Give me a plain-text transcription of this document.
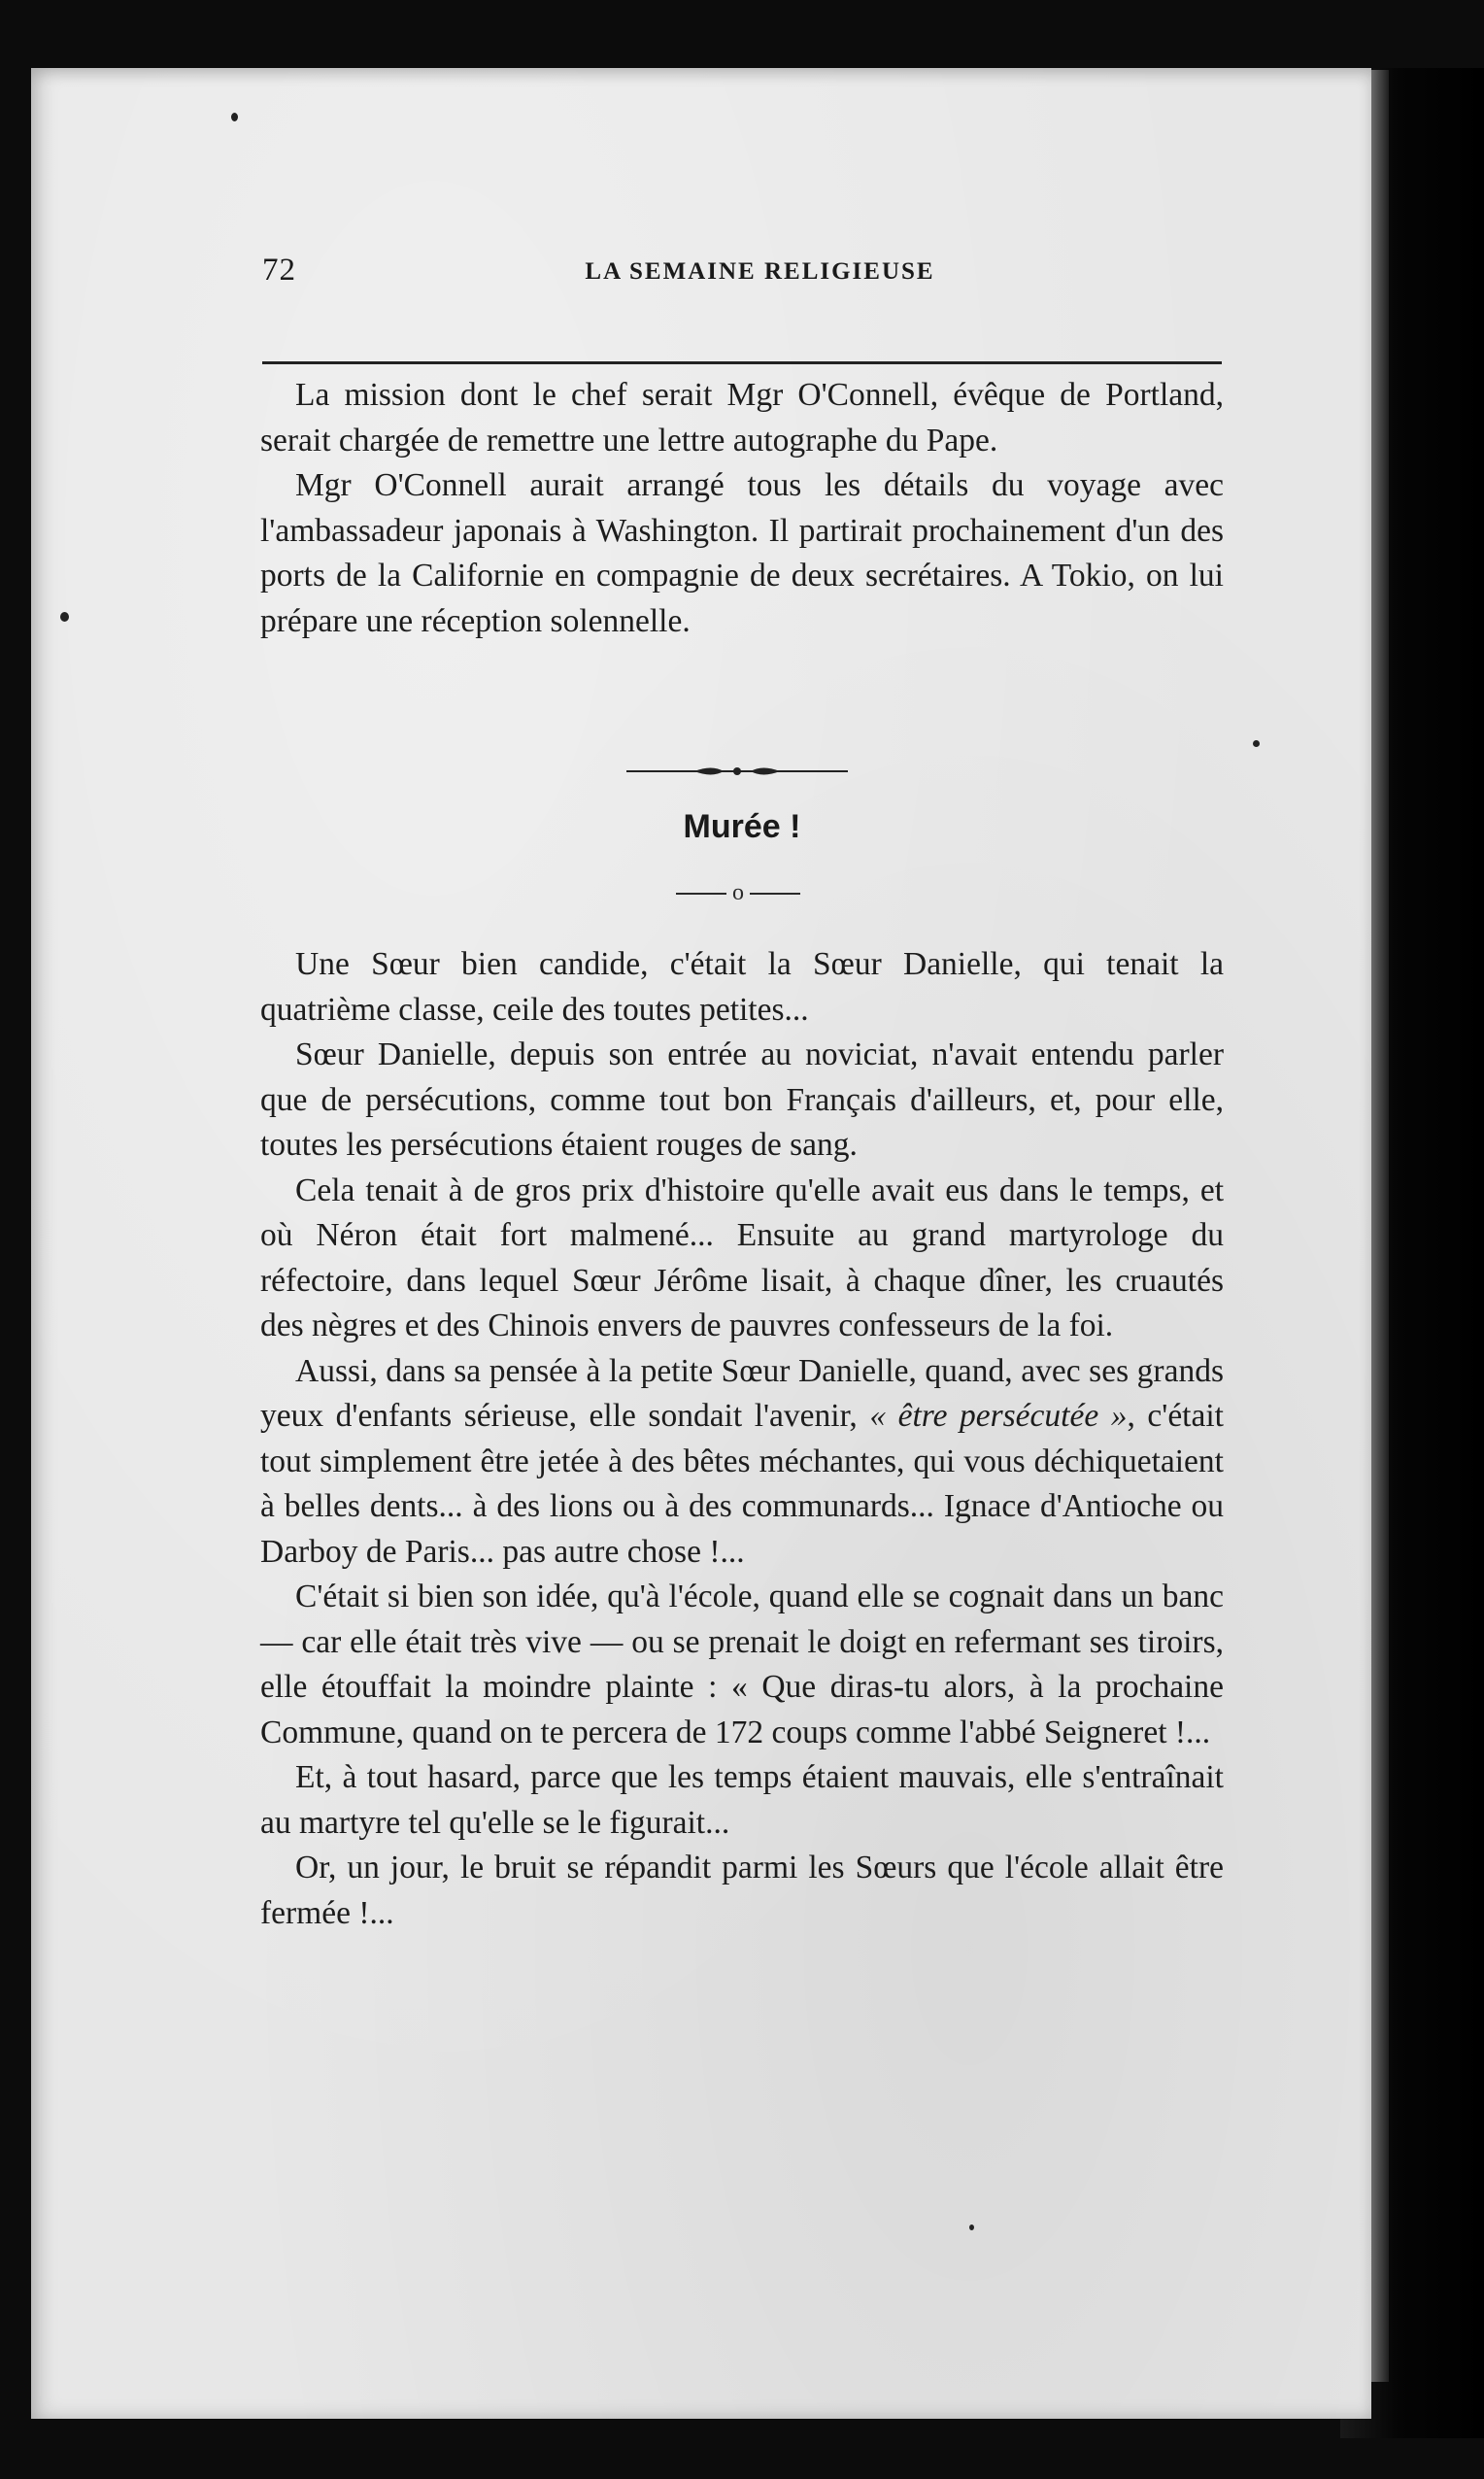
72	LA SEMAINE RELIGIEUSE

La mission dont le chef serait Mgr O'Connell, évêque de Portland, serait chargée de remettre une lettre autographe du Pape.

Mgr O'Connell aurait arrangé tous les détails du voyage avec l'ambassadeur japonais à Washington. Il partirait prochainement d'un des ports de la Californie en compagnie de deux secrétaires. A Tokio, on lui prépare une réception solennelle.

Murée !
o

Une Sœur bien candide, c'était la Sœur Danielle, qui tenait la quatrième classe, ceile des toutes petites...

Sœur Danielle, depuis son entrée au noviciat, n'avait entendu parler que de persécutions, comme tout bon Français d'ailleurs, et, pour elle, toutes les persécutions étaient rouges de sang.

Cela tenait à de gros prix d'histoire qu'elle avait eus dans le temps, et où Néron était fort malmené... Ensuite au grand martyrologe du réfectoire, dans lequel Sœur Jérôme lisait, à chaque dîner, les cruautés des nègres et des Chinois envers de pauvres confesseurs de la foi.

Aussi, dans sa pensée à la petite Sœur Danielle, quand, avec ses grands yeux d'enfants sérieuse, elle sondait l'avenir, « être persécutée », c'était tout simplement être jetée à des bêtes méchantes, qui vous déchiquetaient à belles dents... à des lions ou à des communards... Ignace d'Antioche ou Darboy de Paris... pas autre chose !...

C'était si bien son idée, qu'à l'école, quand elle se cognait dans un banc — car elle était très vive — ou se prenait le doigt en refermant ses tiroirs, elle étouffait la moindre plainte : « Que diras-tu alors, à la prochaine Commune, quand on te percera de 172 coups comme l'abbé Seigneret !...

Et, à tout hasard, parce que les temps étaient mauvais, elle s'entraînait au martyre tel qu'elle se le figurait...

Or, un jour, le bruit se répandit parmi les Sœurs que l'école allait être fermée !...
